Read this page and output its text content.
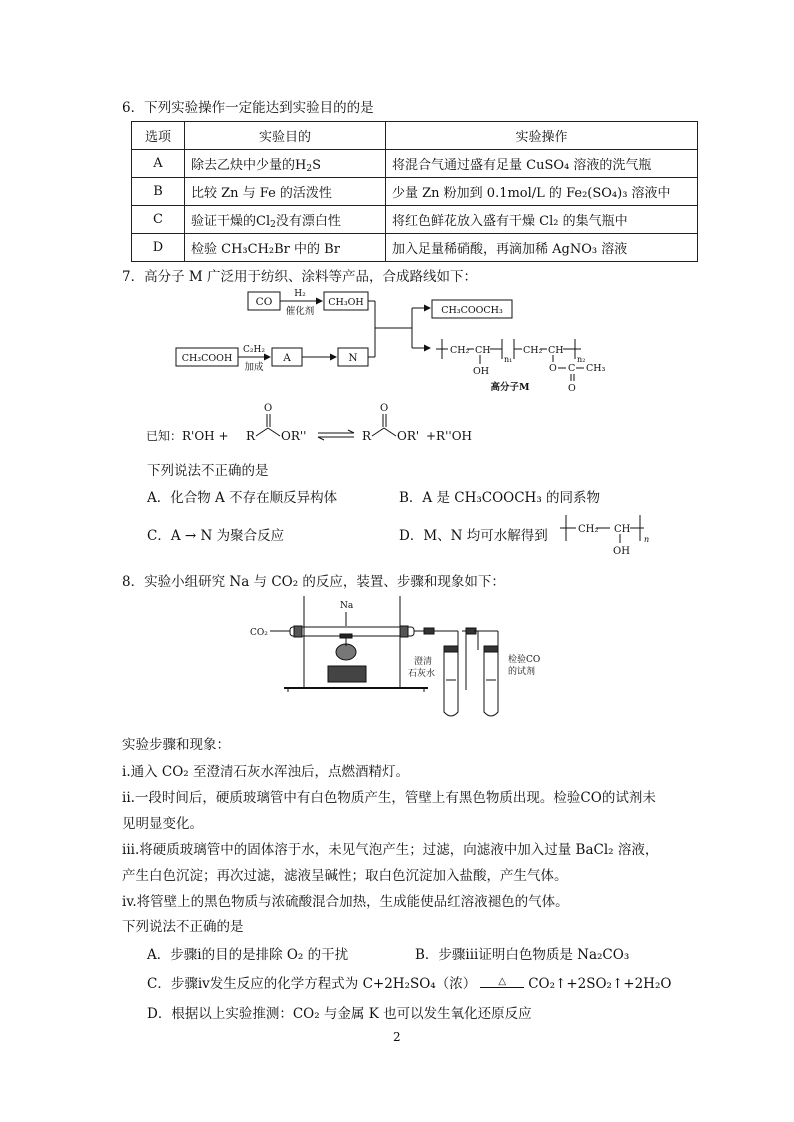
6．下列实验操作一定能达到实验目的的是
选项	实验目的	实验操作
A	除去乙炔中少量的$H_2S$	将混合气通过盛有足量 CuSO₄ 溶液的洗气瓶
B	比较 Zn 与 Fe 的活泼性	少量 Zn 粉加到 0.1mol/L 的 Fe₂(SO₄)₃ 溶液中
C	验证干燥的$Cl_2$没有漂白性	将红色鲜花放入盛有干燥 Cl₂ 的集气瓶中
D	检验 CH₃CH₂Br 中的 Br	加入足量稀硝酸，再滴加稀 AgNO₃ 溶液
7．高分子 M 广泛用于纺织、涂料等产品，合成路线如下：
CO
H₂
催化剂
CH₃OH
CH₃COOH
C₂H₂
加成
A	N
CH₃COOCH₃
CH₂ CH
OH
n₁
CH₂ CH
n₂
O C CH₃
O
高分子M
已知：R'OH + R
O
OR''	R
O
OR' +R''OH
下列说法不正确的是
A．化合物 A 不存在顺反异构体	B．A 是 CH₃COOCH₃ 的同系物
C．A → N 为聚合反应	D．M、N 均可水解得到	CH₂ CH
OH
n
8．实验小组研究 Na 与 CO₂ 的反应，装置、步骤和现象如下：
CO₂
Na
澄清
石灰水
检验CO
的试剂
实验步骤和现象：
i.通入 CO₂ 至澄清石灰水浑浊后，点燃酒精灯。
ii.一段时间后，硬质玻璃管中有白色物质产生，管壁上有黑色物质出现。检验CO的试剂未
见明显变化。
iii.将硬质玻璃管中的固体溶于水，未见气泡产生；过滤，向滤液中加入过量 BaCl₂ 溶液，
产生白色沉淀；再次过滤，滤液呈碱性；取白色沉淀加入盐酸，产生气体。
iv.将管壁上的黑色物质与浓硫酸混合加热，生成能使品红溶液褪色的气体。
下列说法不正确的是
A．步骤i的目的是排除 O₂ 的干扰	B．步骤iii证明白色物质是 Na₂CO₃
C．步骤iv发生反应的化学方程式为 C+2H₂SO₄（浓） △ CO₂↑+2SO₂↑+2H₂O
D．根据以上实验推测：CO₂ 与金属 K 也可以发生氧化还原反应
2
